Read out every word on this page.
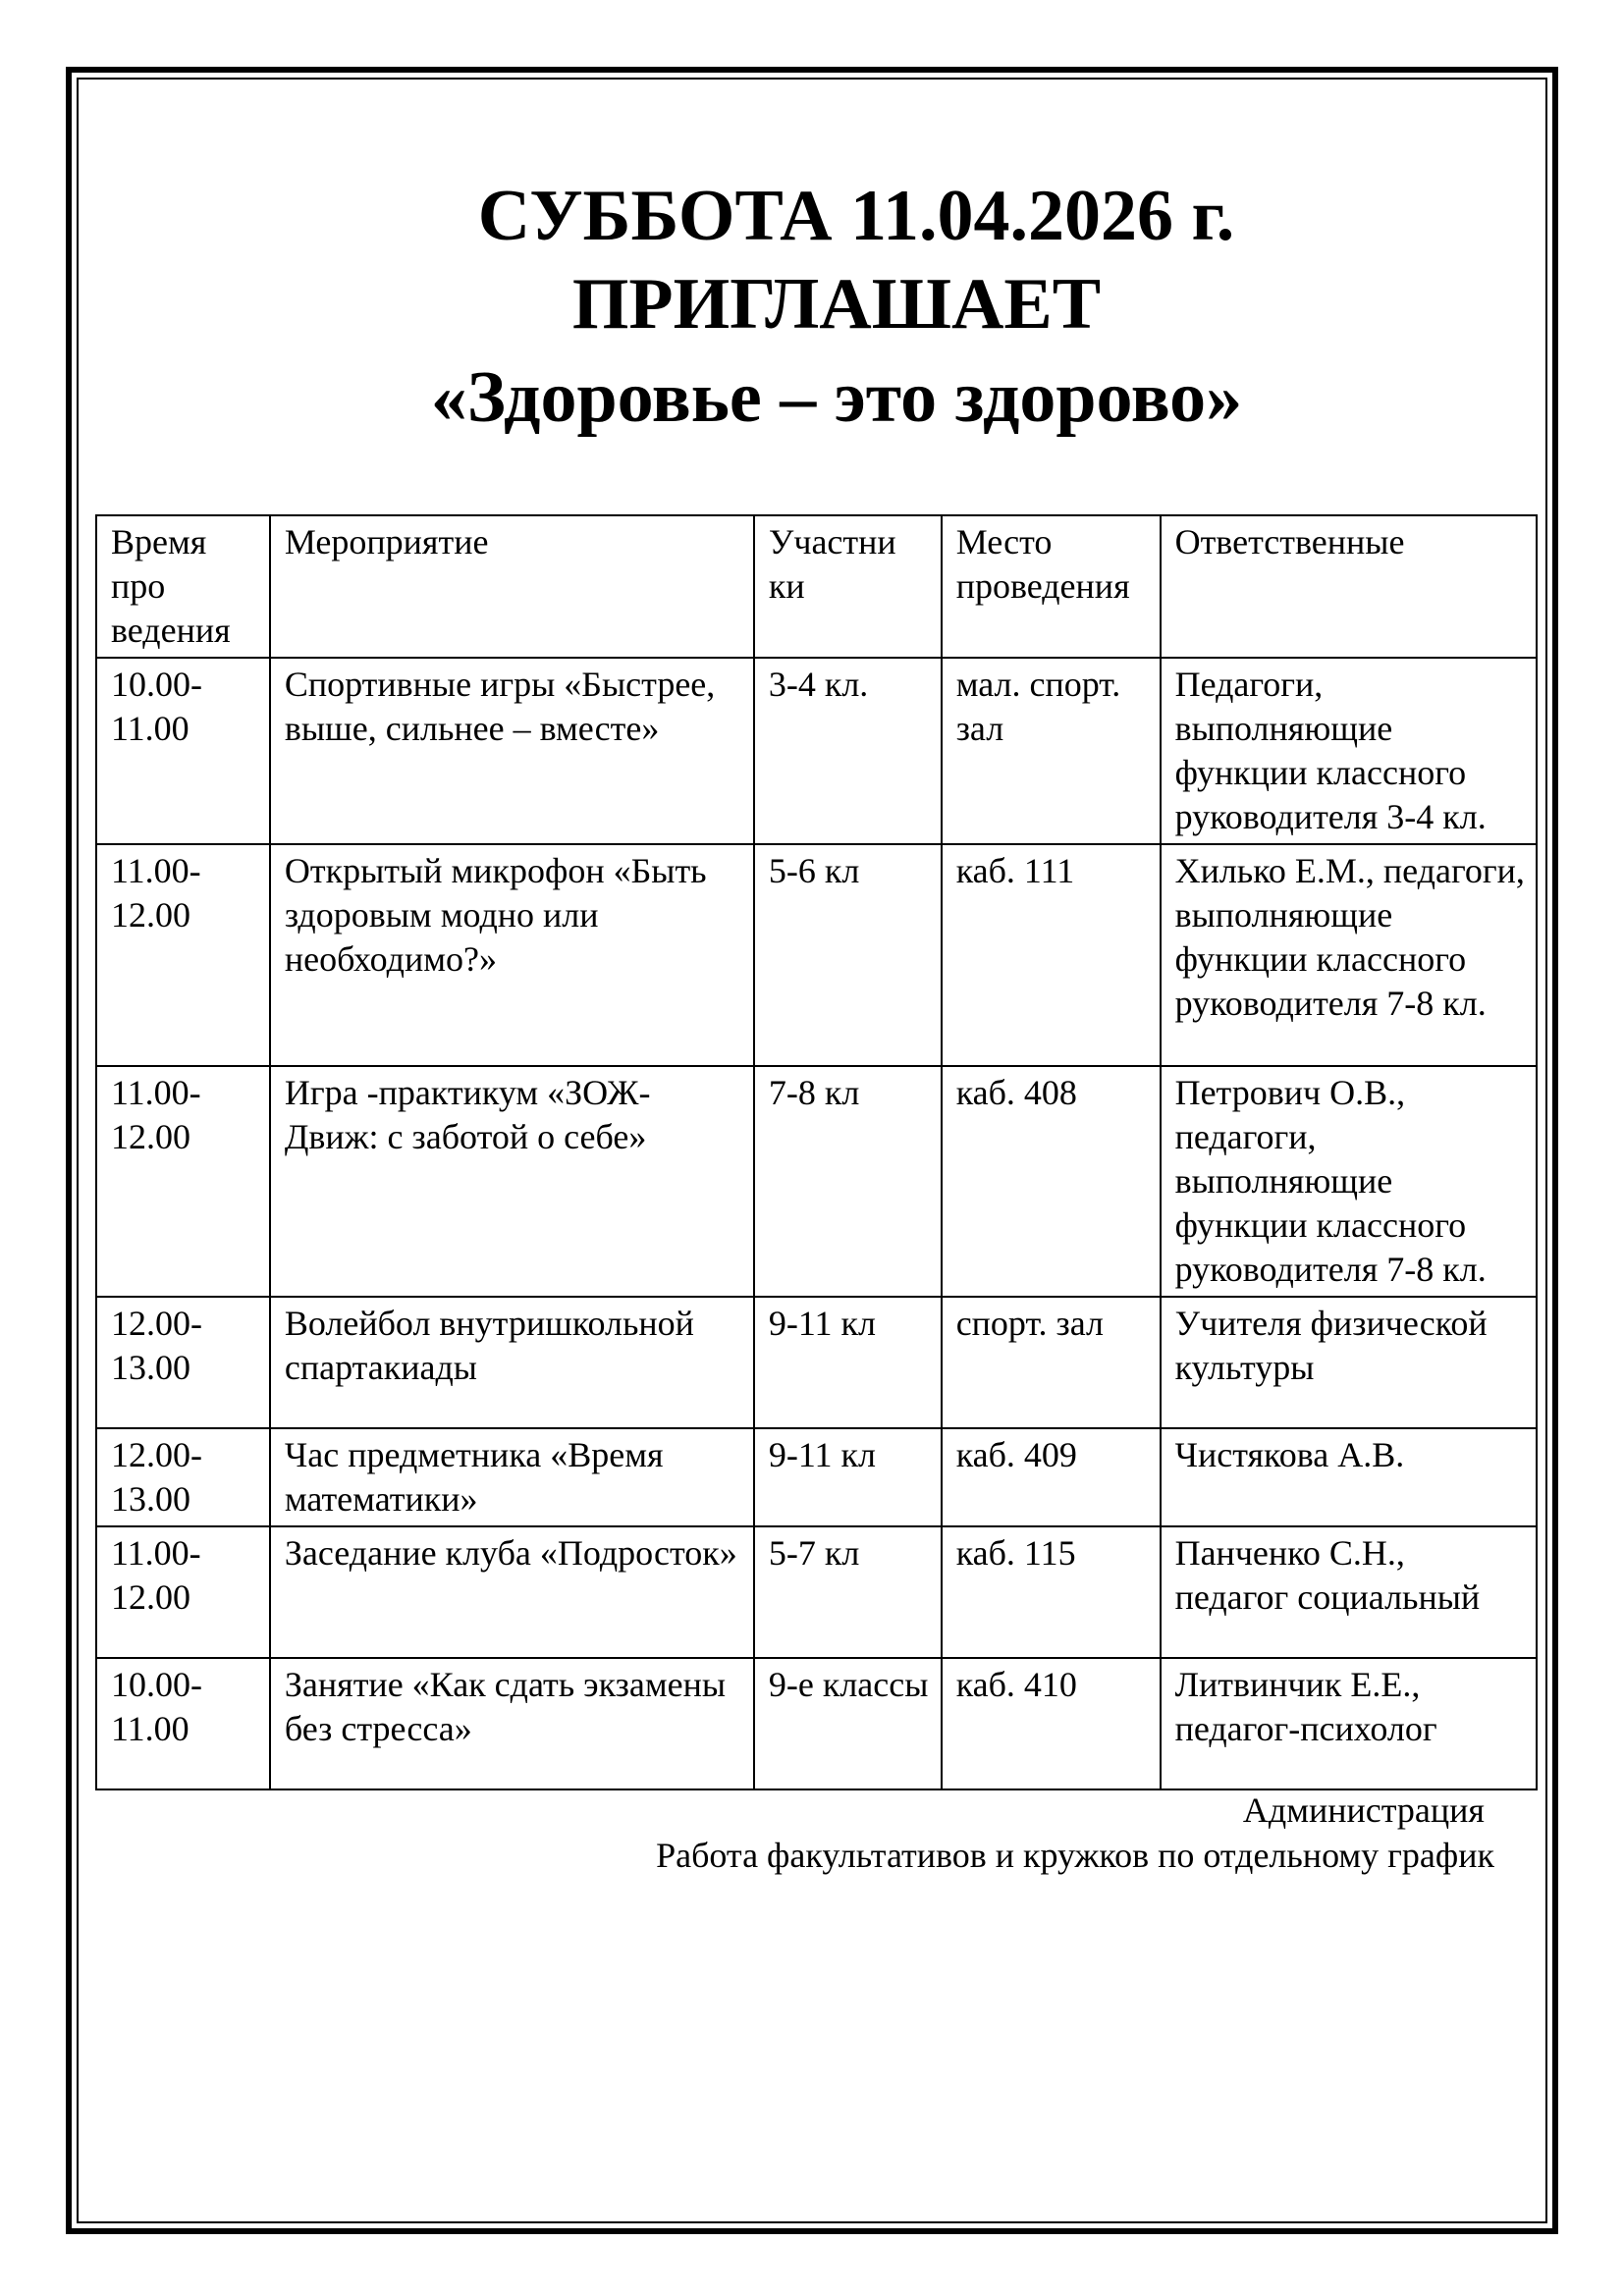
СУББОТА 11.04.2026 г.
ПРИГЛАШАЕТ
«Здоровье – это здорово»
Время про ведения	Мероприятие	Участни ки	Место проведения	Ответственные
10.00-11.00	Спортивные игры «Быстрее, выше, сильнее – вместе»	3-4 кл.	мал. спорт. зал	Педагоги, выполняющие функции классного руководителя 3-4 кл.
11.00-12.00	Открытый микрофон «Быть здоровым модно или необходимо?»	5-6 кл	каб. 111	Хилько Е.М., педагоги, выполняющие функции классного руководителя 7-8 кл.
11.00-12.00	Игра -практикум «ЗОЖ-Движ: с заботой о себе»	7-8 кл	каб. 408	Петрович О.В., педагоги, выполняющие функции классного руководителя 7-8 кл.
12.00-13.00	Волейбол внутришкольной спартакиады	9-11 кл	спорт. зал	Учителя физической культуры
12.00-13.00	Час предметника «Время математики»	9-11 кл	каб. 409	Чистякова А.В.
11.00-12.00	Заседание клуба «Подросток»	5-7 кл	каб. 115	Панченко С.Н., педагог социальный
10.00-11.00	Занятие «Как сдать экзамены без стресса»	9-е классы	каб. 410	Литвинчик Е.Е., педагог-психолог
Администрация
Работа факультативов и кружков по отдельному график
